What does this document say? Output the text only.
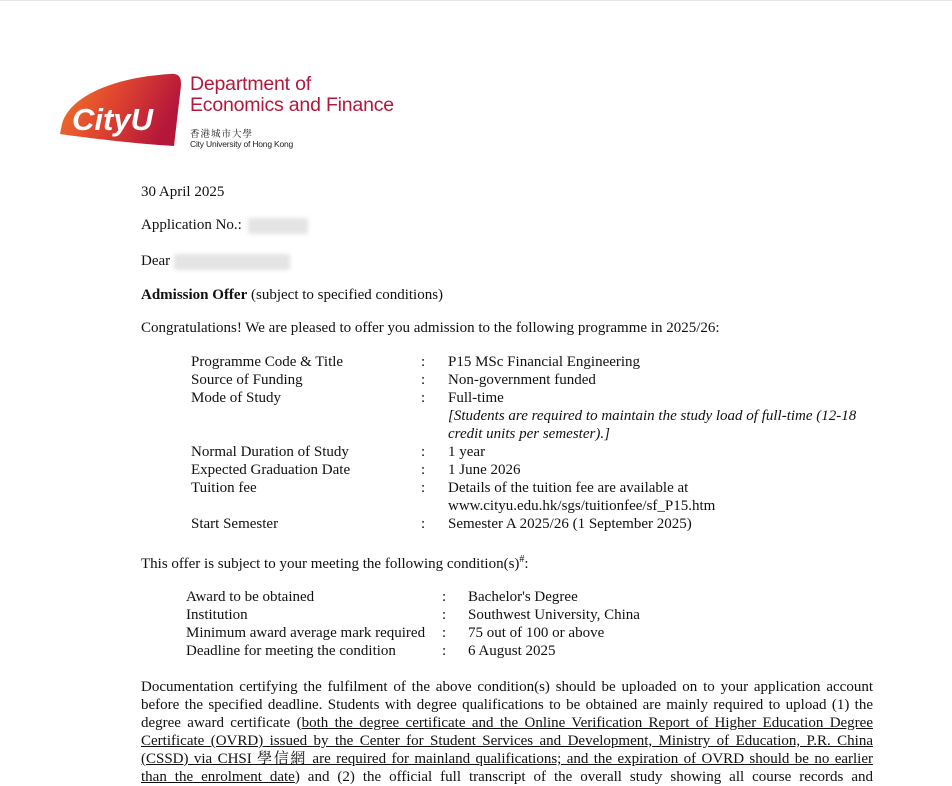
CityU
Department of
Economics and Finance
香港城市大學
City University of Hong Kong
30 April 2025
Application No.:
Dear
Admission Offer (subject to specified conditions)
Congratulations! We are pleased to offer you admission to the following programme in 2025/26:
Programme Code & Title	: P15 MSc Financial Engineering
Source of Funding	: Non-government funded
Mode of Study	: Full-time
[Students are required to maintain the study load of full-time (12-18
credit units per semester).]
Normal Duration of Study	: 1 year
Expected Graduation Date	: 1 June 2026
Tuition fee	: Details of the tuition fee are available at
www.cityu.edu.hk/sgs/tuitionfee/sf_P15.htm
Start Semester	: Semester A 2025/26 (1 September 2025)
This offer is subject to your meeting the following condition(s)#:
Award to be obtained	: Bachelor's Degree
Institution	: Southwest University, China
Minimum award average mark required : 75 out of 100 or above
Deadline for meeting the condition	: 6 August 2025
Documentation certifying the fulfilment of the above condition(s) should be uploaded on to your application account
before the specified deadline. Students with degree qualifications to be obtained are mainly required to upload (1) the
degree award certificate (both the degree certificate and the Online Verification Report of Higher Education Degree
Certificate (OVRD) issued by the Center for Student Services and Development, Ministry of Education, P.R. China
(CSSD) via CHSI 學信網 are required for mainland qualifications; and the expiration of OVRD should be no earlier
than the enrolment date) and (2) the official full transcript of the overall study showing all course records and
